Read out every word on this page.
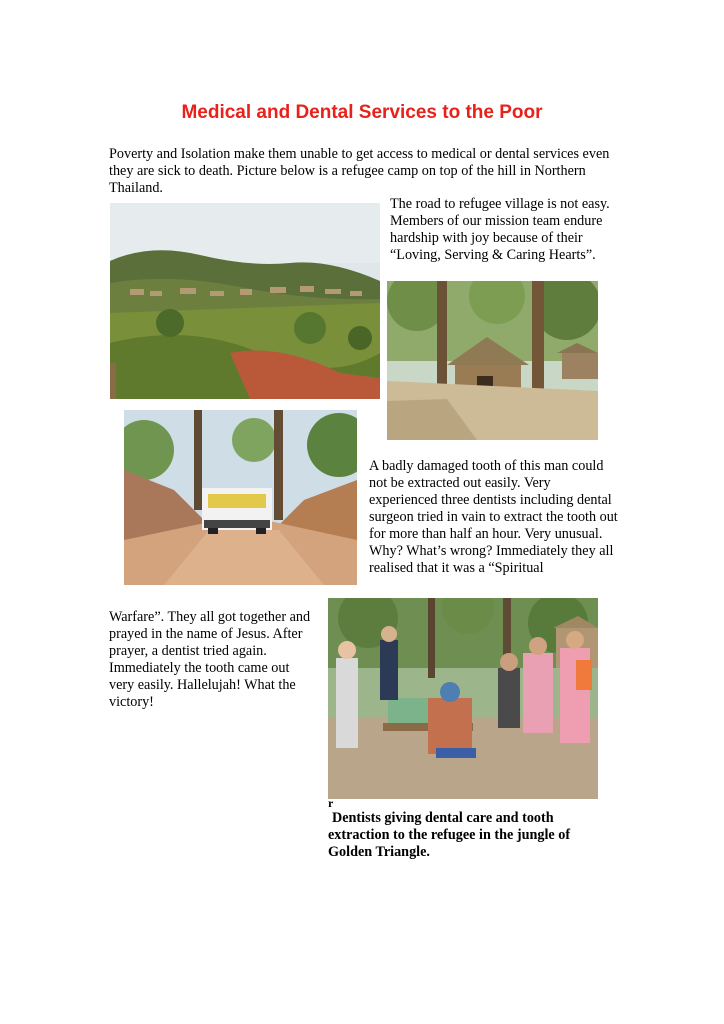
Medical and Dental Services to the Poor
Poverty and Isolation make them unable to get access to medical or dental services even they are sick to death. Picture below is a refugee camp on top of the hill in Northern Thailand.
The road to refugee village is not easy. Members of our mission team endure hardship with joy because of their “Loving, Serving & Caring Hearts”.
A badly damaged tooth of this man could not be extracted out easily. Very experienced three dentists including dental surgeon tried in vain to extract the tooth out for more than half an hour. Very unusual.
Why? What’s wrong? Immediately they all realised that it was a “Spiritual
Warfare”. They all got together and prayed in the name of Jesus. After prayer, a dentist tried again. Immediately the tooth came out very easily. Hallelujah! What the victory!
r
Dentists giving dental care and tooth extraction to the refugee in the jungle of Golden Triangle.
